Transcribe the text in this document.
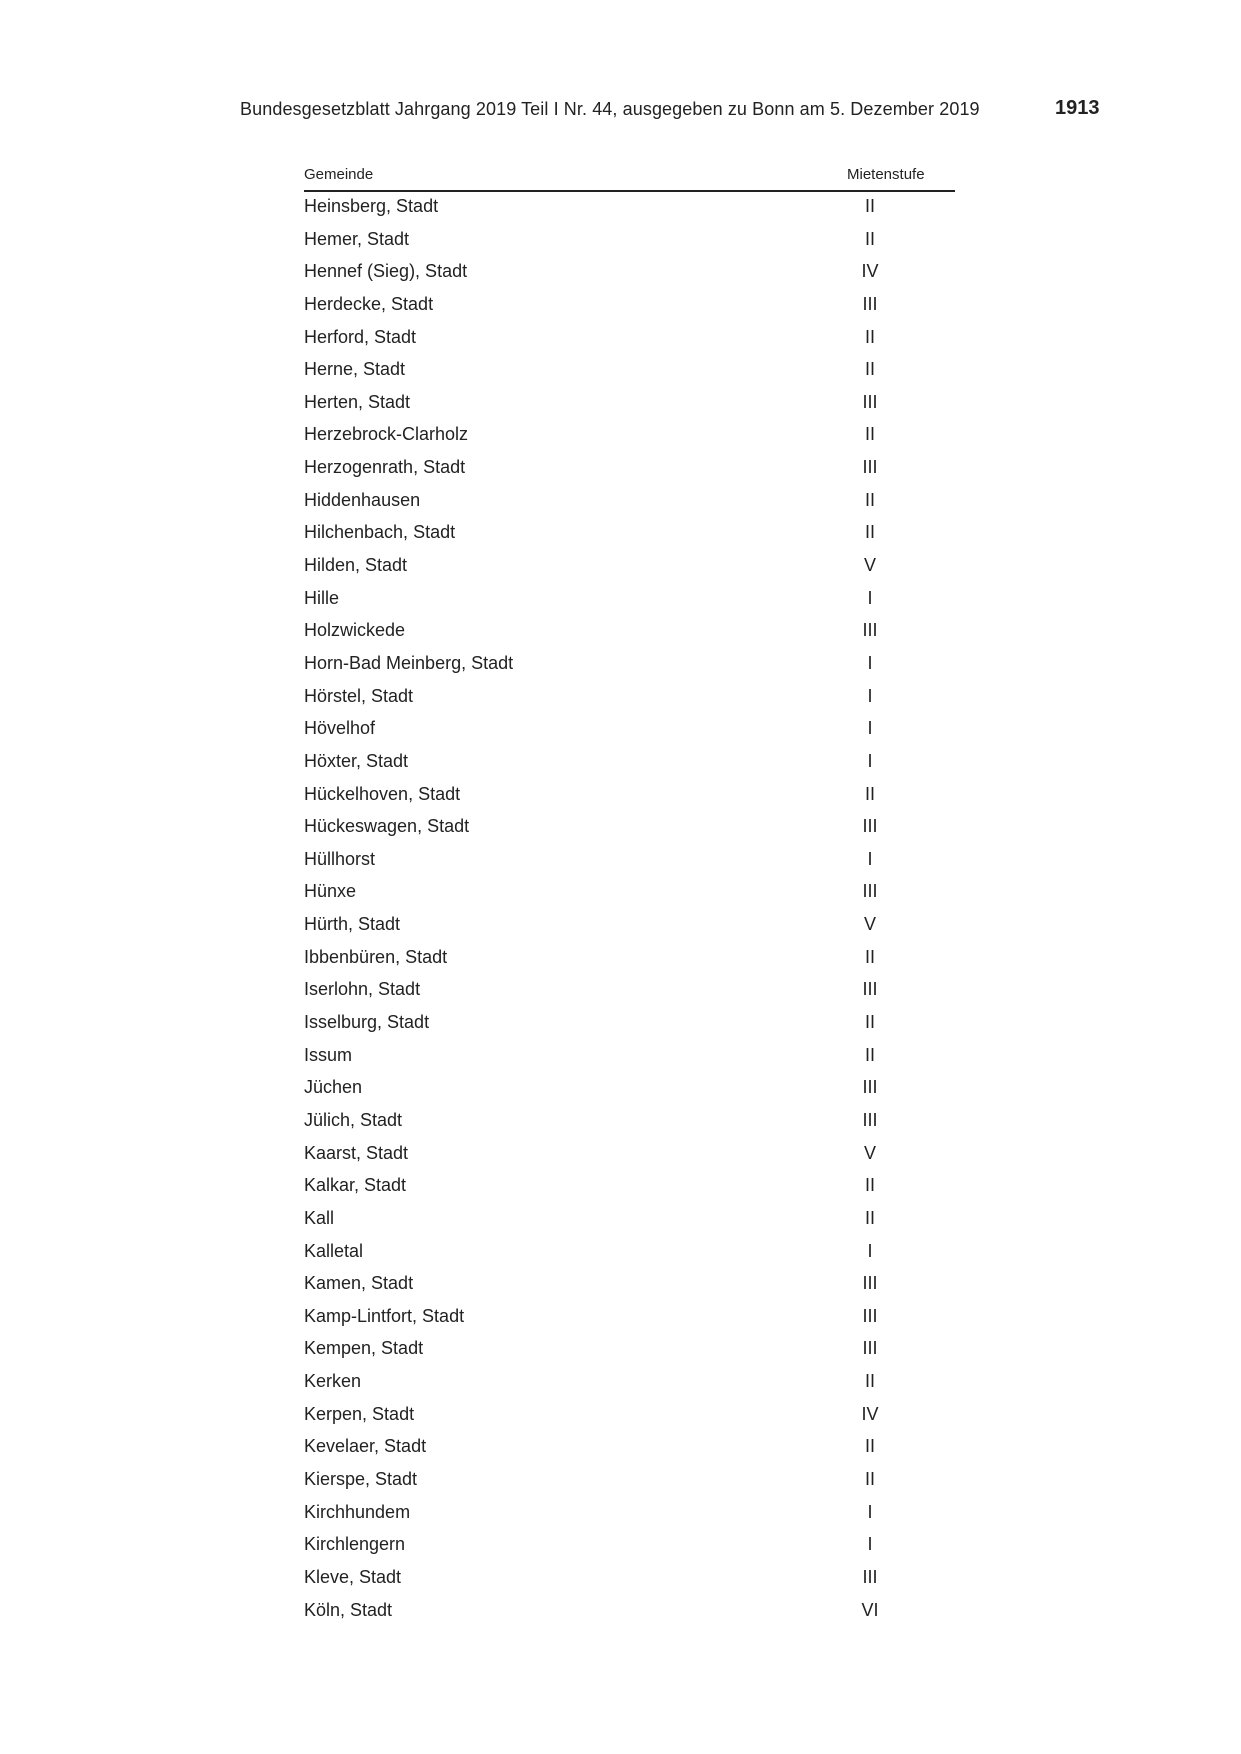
Bundesgesetzblatt Jahrgang 2019 Teil I Nr. 44, ausgegeben zu Bonn am 5. Dezember 2019	1913
Gemeinde	Mietenstufe
Heinsberg, Stadt	II
Hemer, Stadt	II
Hennef (Sieg), Stadt	IV
Herdecke, Stadt	III
Herford, Stadt	II
Herne, Stadt	II
Herten, Stadt	III
Herzebrock-Clarholz	II
Herzogenrath, Stadt	III
Hiddenhausen	II
Hilchenbach, Stadt	II
Hilden, Stadt	V
Hille	I
Holzwickede	III
Horn-Bad Meinberg, Stadt	I
Hörstel, Stadt	I
Hövelhof	I
Höxter, Stadt	I
Hückelhoven, Stadt	II
Hückeswagen, Stadt	III
Hüllhorst	I
Hünxe	III
Hürth, Stadt	V
Ibbenbüren, Stadt	II
Iserlohn, Stadt	III
Isselburg, Stadt	II
Issum	II
Jüchen	III
Jülich, Stadt	III
Kaarst, Stadt	V
Kalkar, Stadt	II
Kall	II
Kalletal	I
Kamen, Stadt	III
Kamp-Lintfort, Stadt	III
Kempen, Stadt	III
Kerken	II
Kerpen, Stadt	IV
Kevelaer, Stadt	II
Kierspe, Stadt	II
Kirchhundem	I
Kirchlengern	I
Kleve, Stadt	III
Köln, Stadt	VI
